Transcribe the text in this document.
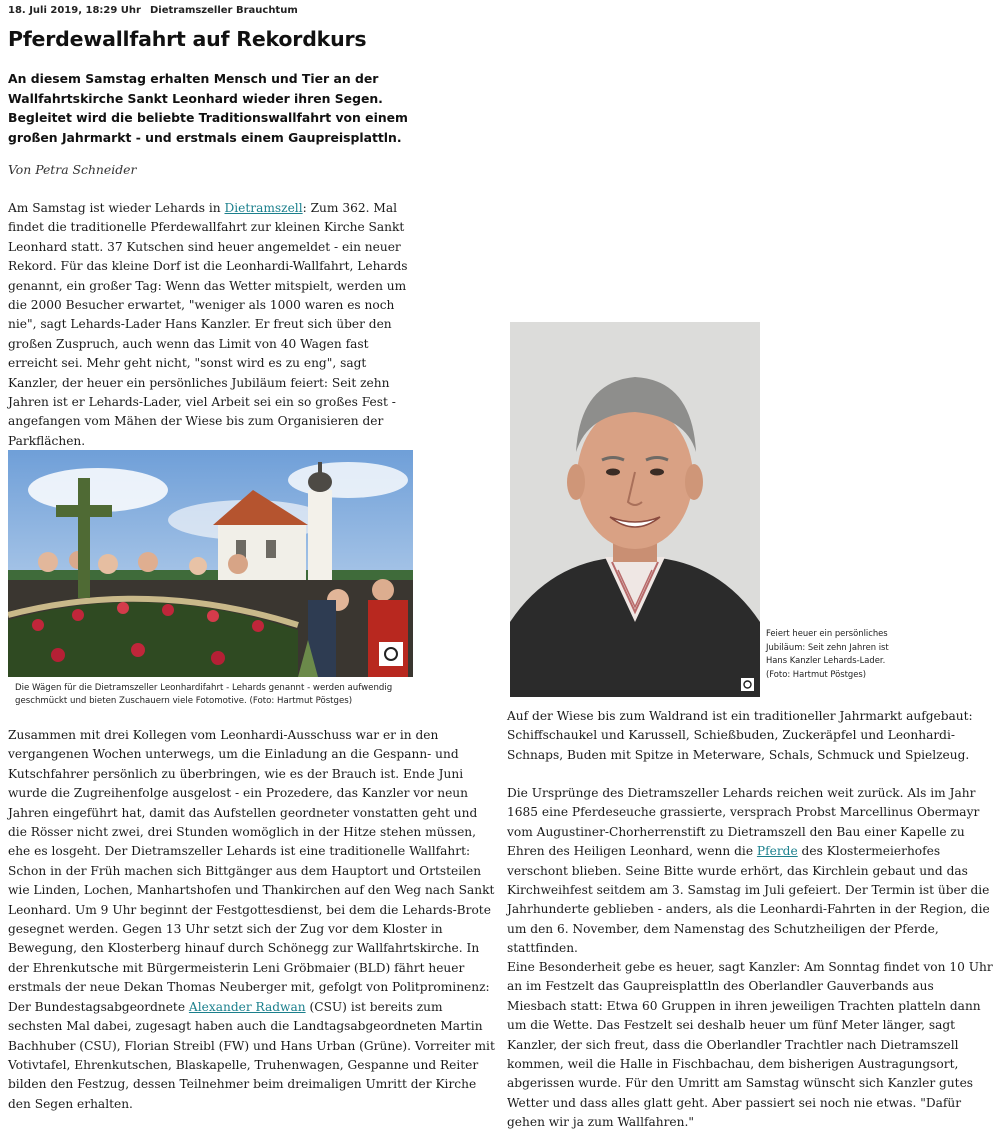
18. Juli 2019, 18:29 Uhr Dietramszeller Brauchtum
Pferdewallfahrt auf Rekordkurs

An diesem Samstag erhalten Mensch und Tier an der Wallfahrtskirche Sankt Leonhard wieder ihren Segen. Begleitet wird die beliebte Traditionswallfahrt von einem großen Jahrmarkt - und erstmals einem Gaupreisplattln.

Von Petra Schneider

Am Samstag ist wieder Lehards in Dietramszell: Zum 362. Mal findet die traditionelle Pferdewallfahrt zur kleinen Kirche Sankt Leonhard statt. 37 Kutschen sind heuer angemeldet - ein neuer Rekord. Für das kleine Dorf ist die Leonhardi-Wallfahrt, Lehards genannt, ein großer Tag: Wenn das Wetter mitspielt, werden um die 2000 Besucher erwartet, "weniger als 1000 waren es noch nie", sagt Lehards-Lader Hans Kanzler. Er freut sich über den großen Zuspruch, auch wenn das Limit von 40 Wagen fast erreicht sei. Mehr geht nicht, "sonst wird es zu eng", sagt Kanzler, der heuer ein persönliches Jubiläum feiert: Seit zehn Jahren ist er Lehards-Lader, viel Arbeit sei ein so großes Fest - angefangen vom Mähen der Wiese bis zum Organisieren der Parkflächen.

Die Wägen für die Dietramszeller Leonhardifahrt - Lehards genannt - werden aufwendig geschmückt und bieten Zuschauern viele Fotomotive. (Foto: Hartmut Pöstges)

Feiert heuer ein persönliches Jubiläum: Seit zehn Jahren ist Hans Kanzler Lehards-Lader. (Foto: Hartmut Pöstges)

Zusammen mit drei Kollegen vom Leonhardi-Ausschuss war er in den vergangenen Wochen unterwegs, um die Einladung an die Gespann- und Kutschfahrer persönlich zu überbringen, wie es der Brauch ist. Ende Juni wurde die Zugreihenfolge ausgelost - ein Prozedere, das Kanzler vor neun Jahren eingeführt hat, damit das Aufstellen geordneter vonstatten geht und die Rösser nicht zwei, drei Stunden womöglich in der Hitze stehen müssen, ehe es losgeht. Der Dietramszeller Lehards ist eine traditionelle Wallfahrt: Schon in der Früh machen sich Bittgänger aus dem Hauptort und Ortsteilen wie Linden, Lochen, Manhartshofen und Thankirchen auf den Weg nach Sankt Leonhard. Um 9 Uhr beginnt der Festgottesdienst, bei dem die Lehards-Brote gesegnet werden. Gegen 13 Uhr setzt sich der Zug vor dem Kloster in Bewegung, den Klosterberg hinauf durch Schönegg zur Wallfahrtskirche. In der Ehrenkutsche mit Bürgermeisterin Leni Gröbmaier (BLD) fährt heuer erstmals der neue Dekan Thomas Neuberger mit, gefolgt von Politprominenz: Der Bundestagsabgeordnete Alexander Radwan (CSU) ist bereits zum sechsten Mal dabei, zugesagt haben auch die Landtagsabgeordneten Martin Bachhuber (CSU), Florian Streibl (FW) und Hans Urban (Grüne). Vorreiter mit Votivtafel, Ehrenkutschen, Blaskapelle, Truhenwagen, Gespanne und Reiter bilden den Festzug, dessen Teilnehmer beim dreimaligen Umritt der Kirche den Segen erhalten.

Auf der Wiese bis zum Waldrand ist ein traditioneller Jahrmarkt aufgebaut: Schiffschaukel und Karussell, Schießbuden, Zuckeräpfel und Leonhardi-Schnaps, Buden mit Spitze in Meterware, Schals, Schmuck und Spielzeug.

Die Ursprünge des Dietramszeller Lehards reichen weit zurück. Als im Jahr 1685 eine Pferdeseuche grassierte, versprach Probst Marcellinus Obermayr vom Augustiner-Chorherrenstift zu Dietramszell den Bau einer Kapelle zu Ehren des Heiligen Leonhard, wenn die Pferde des Klostermeierhofes verschont blieben. Seine Bitte wurde erhört, das Kirchlein gebaut und das Kirchweihfest seitdem am 3. Samstag im Juli gefeiert. Der Termin ist über die Jahrhunderte geblieben - anders, als die Leonhardi-Fahrten in der Region, die um den 6. November, dem Namenstag des Schutzheiligen der Pferde, stattfinden.

Eine Besonderheit gebe es heuer, sagt Kanzler: Am Sonntag findet von 10 Uhr an im Festzelt das Gaupreisplattln des Oberlandler Gauverbands aus Miesbach statt: Etwa 60 Gruppen in ihren jeweiligen Trachten platteln dann um die Wette. Das Festzelt sei deshalb heuer um fünf Meter länger, sagt Kanzler, der sich freut, dass die Oberlandler Trachtler nach Dietramszell kommen, weil die Halle in Fischbachau, dem bisherigen Austragungsort, abgerissen wurde. Für den Umritt am Samstag wünscht sich Kanzler gutes Wetter und dass alles glatt geht. Aber passiert sei noch nie etwas. "Dafür gehen wir ja zum Wallfahren."
